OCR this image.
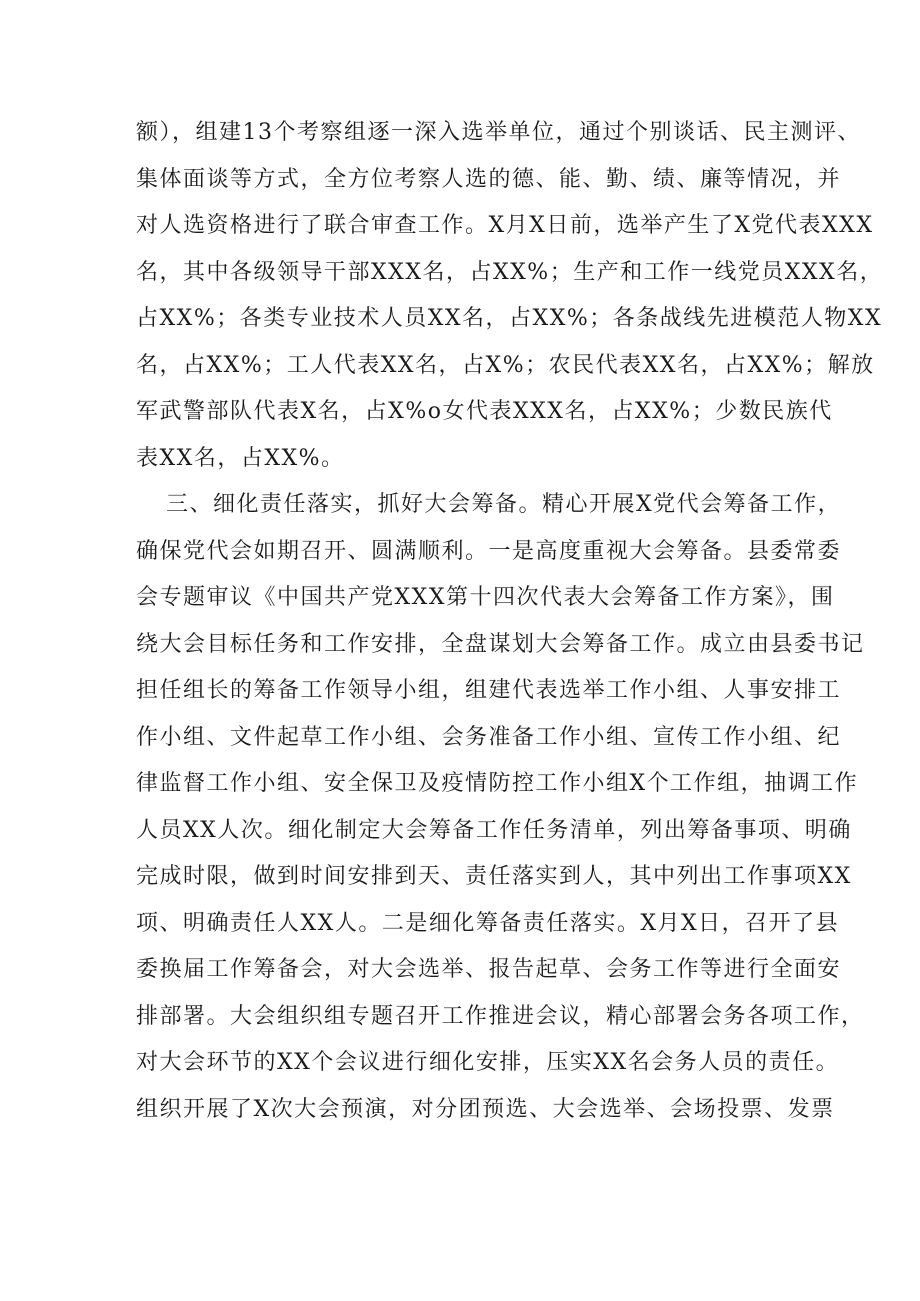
额），组建13个考察组逐一深入选举单位，通过个别谈话、民主测评、
集体面谈等方式，全方位考察人选的德、能、勤、绩、廉等情况，并
对人选资格进行了联合审查工作。X月X日前，选举产生了X党代表XXX
名，其中各级领导干部XXX名，占XX%；生产和工作一线党员XXX名，
占XX%；各类专业技术人员XX名，占XX%；各条战线先进模范人物XX
名，占XX%；工人代表XX名，占X%；农民代表XX名，占XX%；解放
军武警部队代表X名，占X%o女代表XXX名，占XX%；少数民族代
表XX名，占XX%。
三、细化责任落实，抓好大会筹备。精心开展X党代会筹备工作，
确保党代会如期召开、圆满顺利。一是高度重视大会筹备。县委常委
会专题审议《中国共产党XXX第十四次代表大会筹备工作方案》，围
绕大会目标任务和工作安排，全盘谋划大会筹备工作。成立由县委书记
担任组长的筹备工作领导小组，组建代表选举工作小组、人事安排工
作小组、文件起草工作小组、会务准备工作小组、宣传工作小组、纪
律监督工作小组、安全保卫及疫情防控工作小组X个工作组，抽调工作
人员XX人次。细化制定大会筹备工作任务清单，列出筹备事项、明确
完成时限，做到时间安排到天、责任落实到人，其中列出工作事项XX
项、明确责任人XX人。二是细化筹备责任落实。X月X日，召开了县
委换届工作筹备会，对大会选举、报告起草、会务工作等进行全面安
排部署。大会组织组专题召开工作推进会议，精心部署会务各项工作，
对大会环节的XX个会议进行细化安排，压实XX名会务人员的责任。
组织开展了X次大会预演，对分团预选、大会选举、会场投票、发票
